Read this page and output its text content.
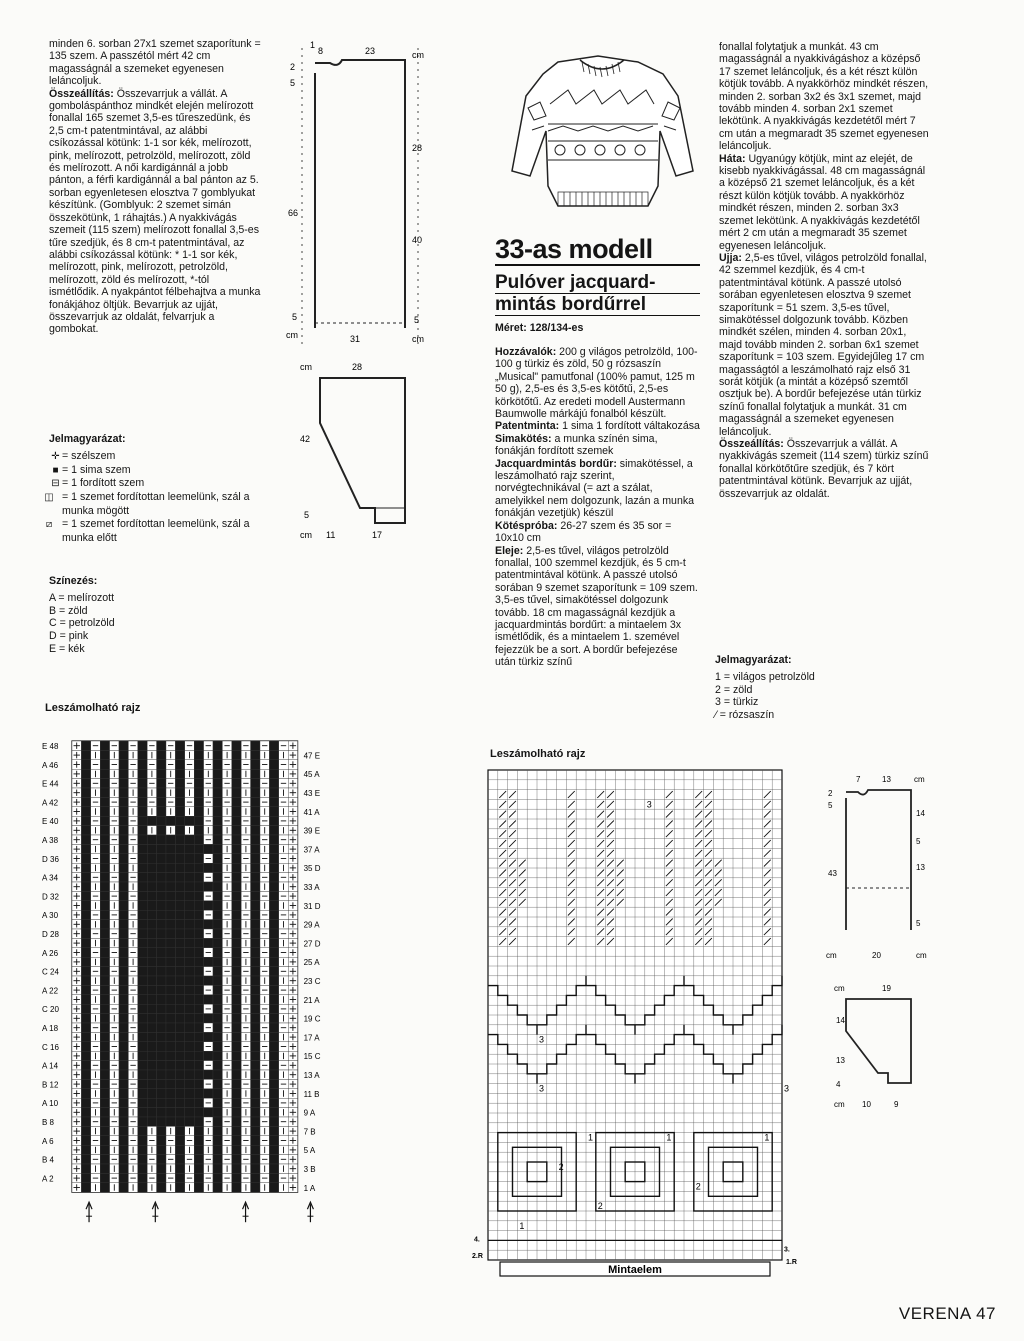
minden 6. sorban 27x1 szemet szaporítunk = 135 szem. A passzétól mért 42 cm magasságnál a szemeket egyenesen leláncoljuk.

Összeállítás: Összevarrjuk a vállát. A gomboláspánthoz mindkét elején melírozott fonallal 165 szemet 3,5-es tűreszedünk, és 2,5 cm-t patentmintával, az alábbi csíkozással kötünk: 1-1 sor kék, melírozott, pink, melírozott, petrolzöld, melírozott, zöld és melírozott. A női kardigánnál a jobb pánton, a férfi kardigánnál a bal pánton az 5. sorban egyenletesen elosztva 7 gomblyukat készítünk. (Gomblyuk: 2 szemet simán összekötünk, 1 ráhajtás.) A nyakkivágás szemeit (115 szem) melírozott fonallal 3,5-es tűre szedjük, és 8 cm-t patentmintával, az alábbi csíkozással kötünk: * 1-1 sor kék, melírozott, pink, melírozott, petrolzöld, melírozott, zöld és melírozott, *-tól ismétlődik. A nyakpántot félbehajtva a munka fonákjához öltjük. Bevarrjuk az ujját, összevarrjuk az oldalát, felvarrjuk a gombokat.

Jelmagyarázat:
✛ = szélszem
■ = 1 sima szem
⊟ = 1 fordított szem
◫ = 1 szemet fordítottan leemelünk, szál a munka mögött
⧄ = 1 szemet fordítottan leemelünk, szál a munka előtt
Színezés:
A = melírozott
B = zöld
C = petrolzöld
D = pink
E = kék
Leszámolható rajz
E 48
A 46
E 44
A 42
E 40
A 38
D 36
A 34
D 32
A 30
D 28
A 26
C 24
A 22
C 20
A 18
C 16
A 14
B 12
A 10
B 8
A 6
B 4
A 2
47 E
45 A
43 E
41 A
39 E
37 A
35 D
33 A
31 D
29 A
27 D
25 A
23 C
21 A
19 C
17 A
15 C
13 A
11 B
9 A
7 B
5 A
3 B
1 A
1
8	23	cm
2
5
66
5
cm
28
40
5
cm
31
cm	28
42
5
cm 11	17
33-as modell
Pulóver jacquard-
mintás bordűrrel
Méret: 128/134-es

Hozzávalók: 200 g világos petrolzöld, 100-100 g türkiz és zöld, 50 g rózsaszín „Musical" pamutfonal (100% pamut, 125 m 50 g), 2,5-es és 3,5-es kötőtű, 2,5-es körkötőtű. Az eredeti modell Austermann Baumwolle márkájú fonalból készült.

Patentminta: 1 sima 1 fordított váltakozása

Simakötés: a munka színén sima, fonákján fordított szemek

Jacquardmintás bordűr: simakötéssel, a leszámolható rajz szerint, norvégtechnikával (= azt a szálat, amelyikkel nem dolgozunk, lazán a munka fonákján vezetjük) készül

Kötéspróba: 26-27 szem és 35 sor = 10x10 cm

Eleje: 2,5-es tűvel, világos petrolzöld fonallal, 100 szemmel kezdjük, és 5 cm-t patentmintával kötünk. A passzé utolsó sorában 9 szemet szaporítunk = 109 szem. 3,5-es tűvel, simakötéssel dolgozunk tovább. 18 cm magasságnál kezdjük a jacquardmintás bordűrt: a mintaelem 3x ismétlődik, és a mintaelem 1. szemével fejezzük be a sort. A bordűr befejezése után türkiz színű

fonallal folytatjuk a munkát. 43 cm magasságnál a nyakkivágáshoz a középső 17 szemet leláncoljuk, és a két részt külön kötjük tovább. A nyakkörhöz mindkét részen, minden 2. sorban 3x2 és 3x1 szemet, majd tovább minden 4. sorban 2x1 szemet lekötünk. A nyakkivágás kezdetétől mért 7 cm után a megmaradt 35 szemet egyenesen leláncoljuk.

Háta: Ugyanúgy kötjük, mint az elejét, de kisebb nyakkivágással. 48 cm magasságnál a középső 21 szemet leláncoljuk, és a két részt külön kötjük tovább. A nyakkörhöz mindkét részen, minden 2. sorban 3x3 szemet lekötünk. A nyakkivágás kezdetétől mért 2 cm után a megmaradt 35 szemet egyenesen leláncoljuk.

Ujja: 2,5-es tűvel, világos petrolzöld fonallal, 42 szemmel kezdjük, és 4 cm-t patentmintával kötünk. A passzé utolsó sorában egyenletesen elosztva 9 szemet szaporítunk = 51 szem. 3,5-es tűvel, simakötéssel dolgozunk tovább. Közben mindkét szélen, minden 4. sorban 20x1, majd tovább minden 2. sorban 6x1 szemet szaporítunk = 103 szem. Egyidejűleg 17 cm magasságtól a leszámolható rajz első 31 sorát kötjük (a mintát a középső szemtől osztjuk be). A bordűr befejezése után türkiz színű fonallal folytatjuk a munkát. 31 cm magasságnál a szemeket egyenesen leláncoljuk.

Összeállítás: Összevarrjuk a vállát. A nyakkivágás szemeit (114 szem) türkiz színű fonallal körkötőtűre szedjük, és 7 kört patentmintával kötünk. Bevarrjuk az ujját, összevarrjuk az oldalát.

Jelmagyarázat:
1 = világos petrolzöld
2 = zöld
3 = türkiz
⁄ = rózsaszín
Leszámolható rajz
Mintaelem
3
3
3	3
1	1	1
2
2
2
1
4.
2.R
3.
1.R
7	13	cm
2
5
43
cm
14
5
13
5
cm
20
cm	19
14
13
4
cm 10	9
VERENA 47
